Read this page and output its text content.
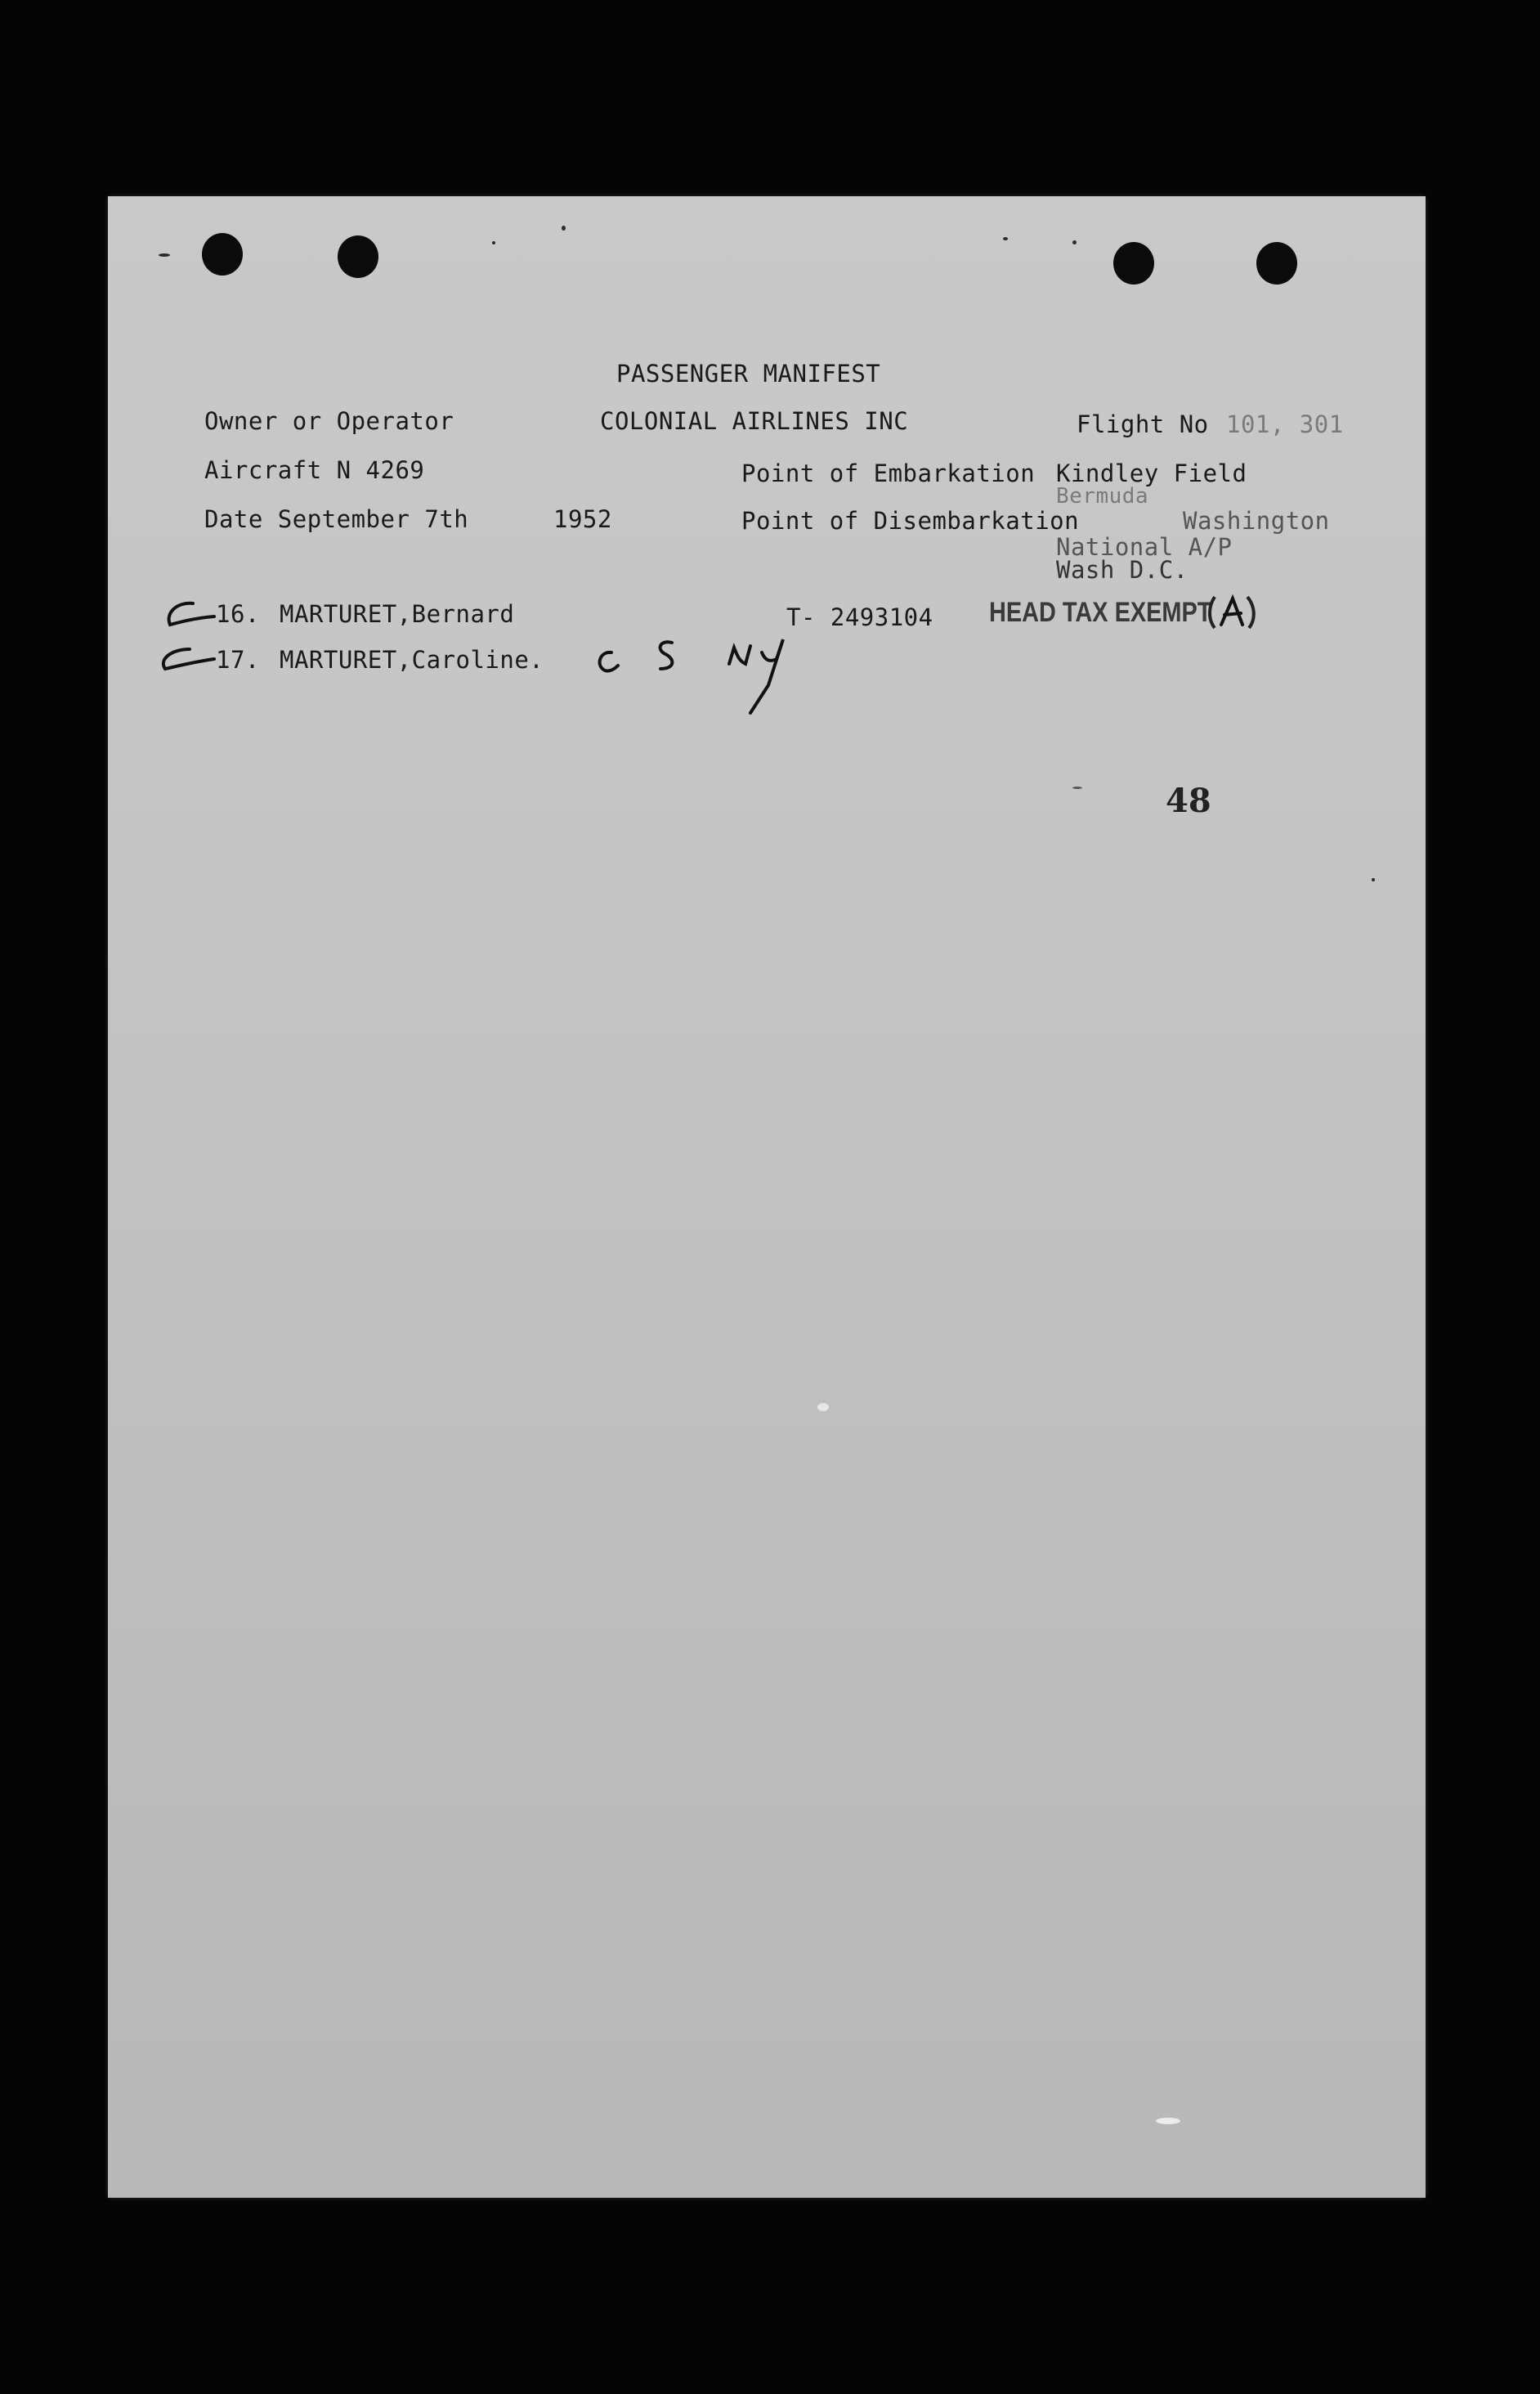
PASSENGER MANIFEST
Owner or Operator	COLONIAL AIRLINES INC	Flight No 101, 301
Aircraft N 4269	Point of Embarkation Kindley Field
Bermuda
Date September 7th	1952	Point of Disembarkation	Washington
National A/P
Wash D.C.
16. MARTURET,Bernard	T- 2493104 HEAD TAX EXEMPT
17. MARTURET,Caroline.
48
